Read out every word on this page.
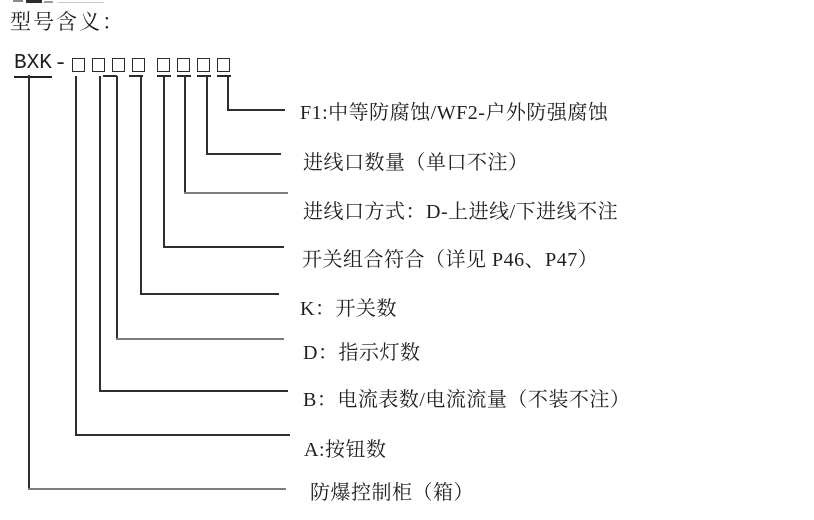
型号含义：
BXK -
F1:中等防腐蚀/WF2-户外防强腐蚀
进线口数量（单口不注）
进线口方式：D-上进线/下进线不注
开关组合符合（详见 P46、P47）
K：开关数
D：指示灯数
B：电流表数/电流流量（不装不注）
A:按钮数
防爆控制柜（箱）
